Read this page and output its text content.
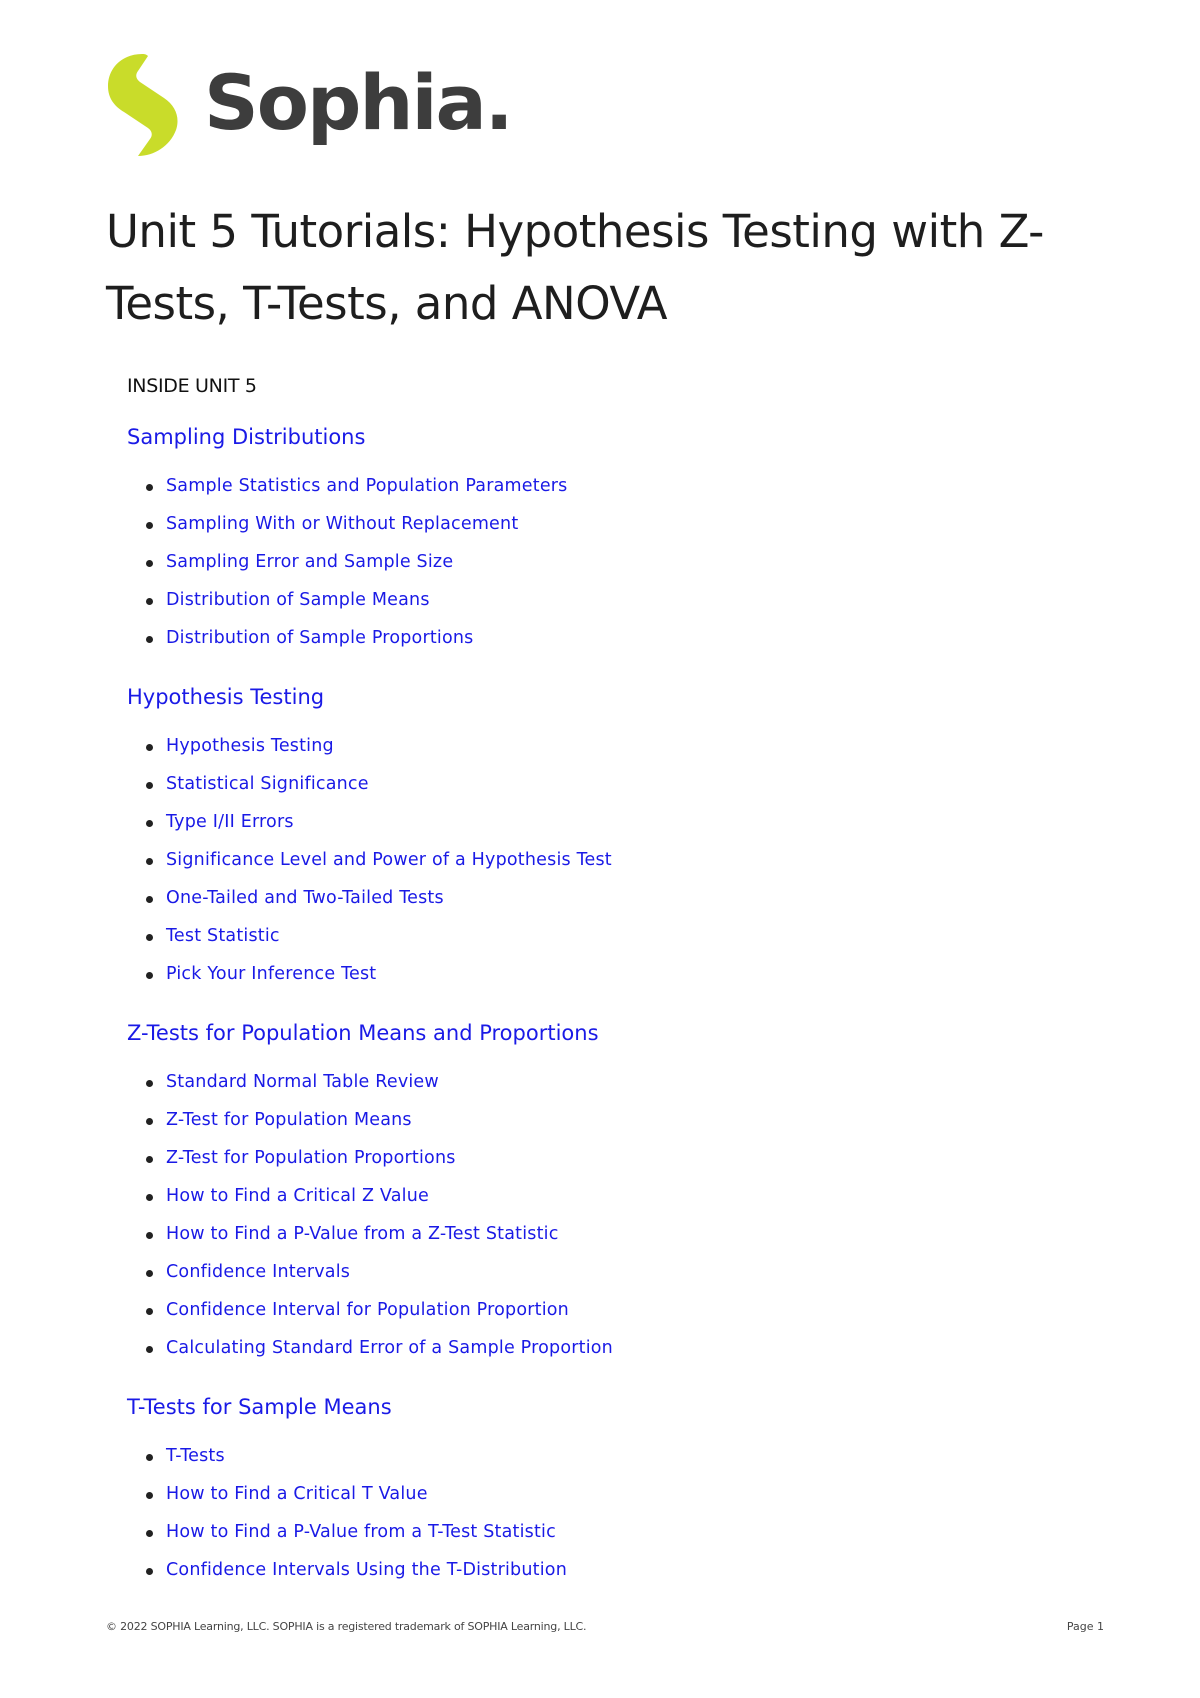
Sophia.
Unit 5 Tutorials: Hypothesis Testing with Z-Tests, T-Tests, and ANOVA
INSIDE UNIT 5
Sampling Distributions
Sample Statistics and Population Parameters
Sampling With or Without Replacement
Sampling Error and Sample Size
Distribution of Sample Means
Distribution of Sample Proportions
Hypothesis Testing
Hypothesis Testing
Statistical Significance
Type I/II Errors
Significance Level and Power of a Hypothesis Test
One-Tailed and Two-Tailed Tests
Test Statistic
Pick Your Inference Test
Z-Tests for Population Means and Proportions
Standard Normal Table Review
Z-Test for Population Means
Z-Test for Population Proportions
How to Find a Critical Z Value
How to Find a P-Value from a Z-Test Statistic
Confidence Intervals
Confidence Interval for Population Proportion
Calculating Standard Error of a Sample Proportion
T-Tests for Sample Means
T-Tests
How to Find a Critical T Value
How to Find a P-Value from a T-Test Statistic
Confidence Intervals Using the T-Distribution
© 2022 SOPHIA Learning, LLC. SOPHIA is a registered trademark of SOPHIA Learning, LLC.	Page 1
